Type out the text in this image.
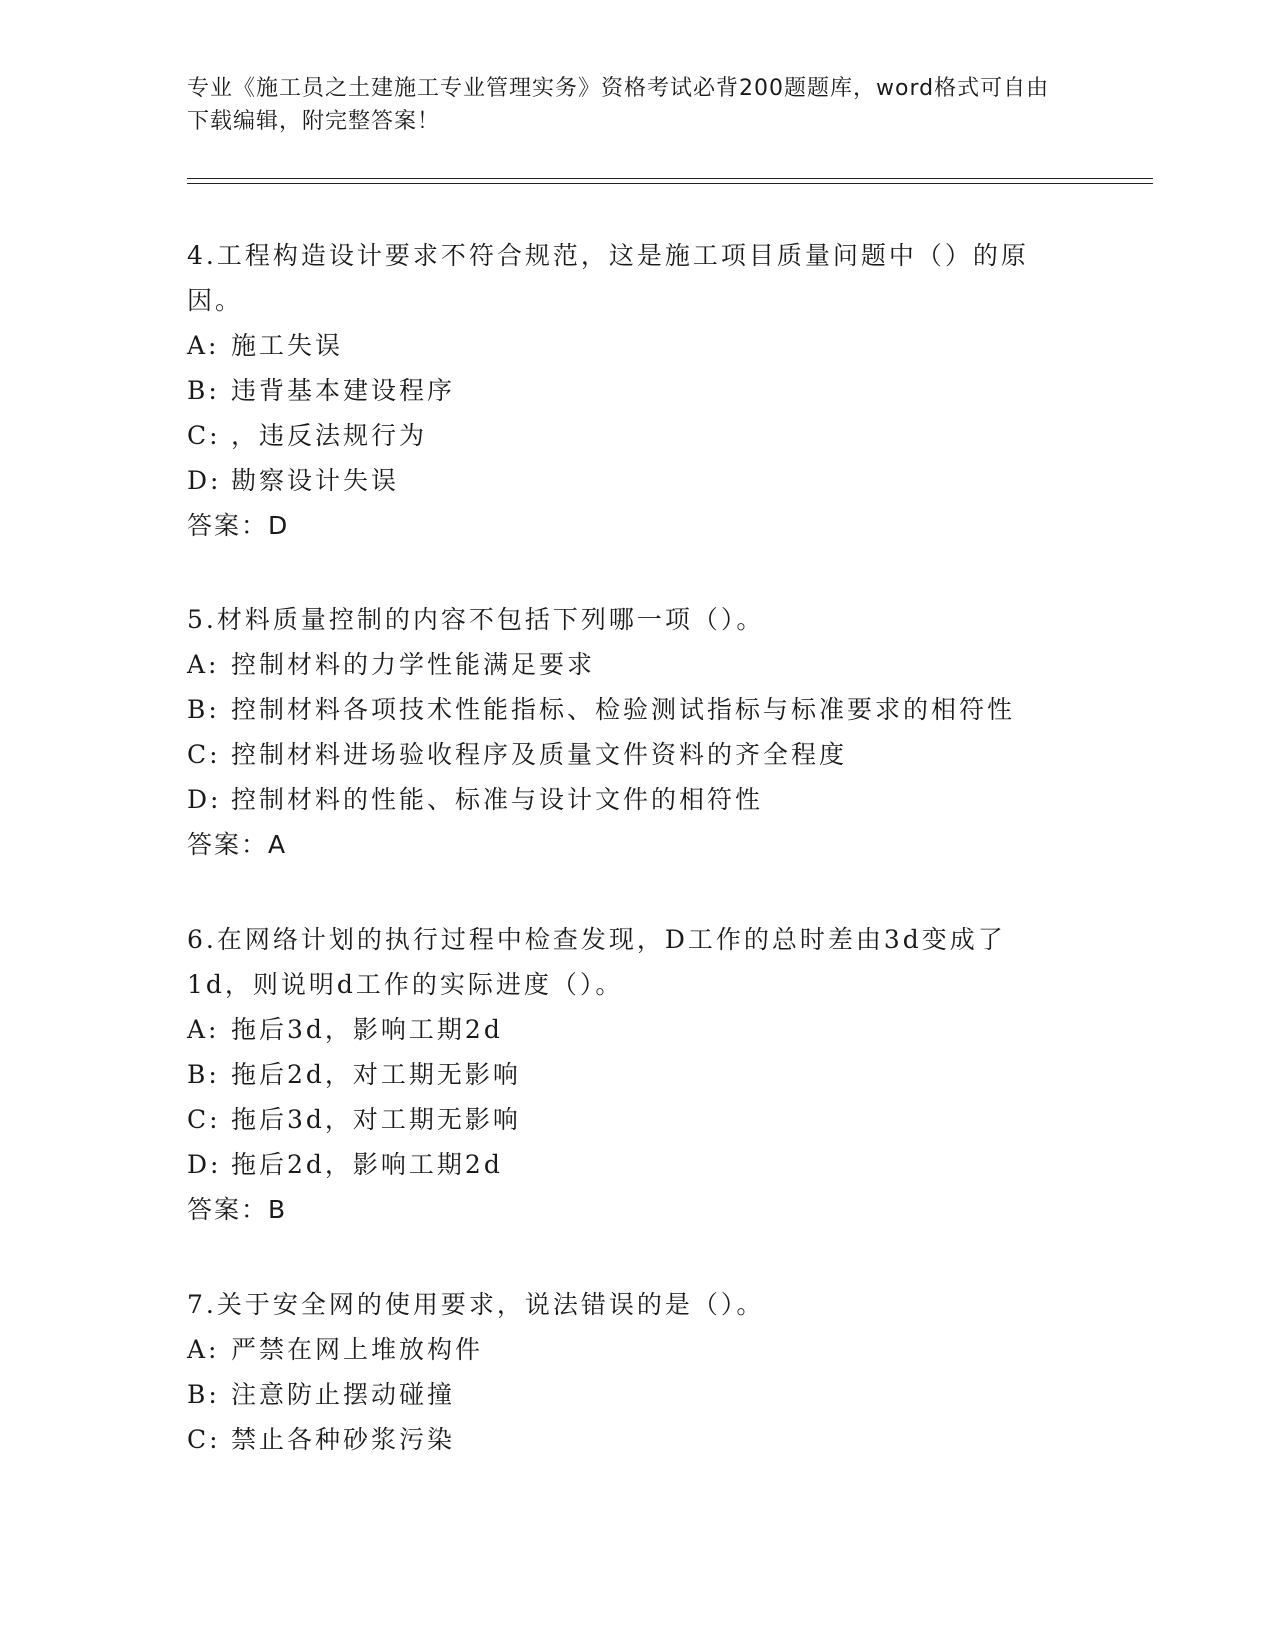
专业《施工员之土建施工专业管理实务》资格考试必背200题题库，word格式可自由下载编辑，附完整答案！

4.工程构造设计要求不符合规范，这是施工项目质量问题中（）的原因。

A: 施工失误

B: 违背基本建设程序

C: ，违反法规行为

D: 勘察设计失误

答案：D

5.材料质量控制的内容不包括下列哪一项（）。

A: 控制材料的力学性能满足要求

B: 控制材料各项技术性能指标、检验测试指标与标准要求的相符性

C: 控制材料进场验收程序及质量文件资料的齐全程度

D: 控制材料的性能、标准与设计文件的相符性

答案：A

6.在网络计划的执行过程中检查发现，D工作的总时差由3d变成了1d，则说明d工作的实际进度（）。

A: 拖后3d，影响工期2d

B: 拖后2d，对工期无影响

C: 拖后3d，对工期无影响

D: 拖后2d，影响工期2d

答案：B

7.关于安全网的使用要求，说法错误的是（）。

A: 严禁在网上堆放构件

B: 注意防止摆动碰撞

C: 禁止各种砂浆污染
